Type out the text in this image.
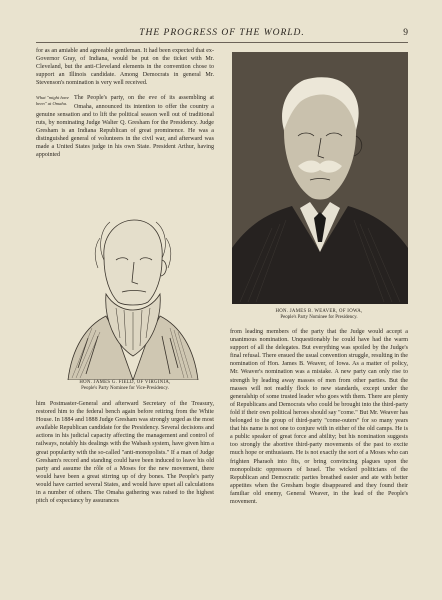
THE PROGRESS OF THE WORLD.	9

for as an amiable and agreeable gentleman. It had been expected that ex-Governor Gray, of Indiana, would be put on the ticket with Mr. Cleveland, but the anti-Cleveland elements in the convention chose to support an Illinois candidate. Among Democrats in general Mr. Stevenson's nomination is very well received.

What "might have been" at Omaha.
The People's party, on the eve of its assembling at Omaha, announced its intention to offer the country a genuine sensation and to lift the political season well out of traditional ruts, by nominating Judge Walter Q. Gresham for the Presidency. Judge Gresham is an Indiana Republican of great prominence. He was a distinguished general of volunteers in the civil war, and afterward was made a United States judge in his own State. President Arthur, having appointed

HON. JAMES G. FIELD, OF VIRGINIA,
People's Party Nominee for Vice-Presidency.

him Postmaster-General and afterward Secretary of the Treasury, restored him to the federal bench again before retiring from the White House. In 1884 and 1888 Judge Gresham was strongly urged as the most available Republican candidate for the Presidency. Several decisions and actions in his judicial capacity affecting the management and control of railways, notably his dealings with the Wabash system, have given him a great popularity with the so-called "anti-monopolists." If a man of Judge Gresham's record and standing could have been induced to leave his old party and assume the rôle of a Moses for the new movement, there would have been a great stirring up of dry bones. The People's party would have carried several States, and would have upset all calculations in a number of others. The Omaha gathering was raised to the highest pitch of expectancy by assurances

HON. JAMES B. WEAVER, OF IOWA,
People's Party Nominee for Presidency.

from leading members of the party that the Judge would accept a unanimous nomination. Unquestionably he could have had the warm support of all the delegates. But everything was spoiled by the Judge's final refusal. There ensued the usual convention struggle, resulting in the nomination of Hon. James B. Weaver, of Iowa. As a matter of policy, Mr. Weaver's nomination was a mistake. A new party can only rise to strength by leading away masses of men from other parties. But the masses will not readily flock to new standards, except under the generalship of some trusted leader who goes with them. There are plenty of Republicans and Democrats who could be brought into the third-party fold if their own political heroes should say "come." But Mr. Weaver has belonged to the group of third-party "come-outers" for so many years that his name is not one to conjure with in either of the old camps. He is a public speaker of great force and ability; but his nomination suggests too strongly the abortive third-party movements of the past to excite much hope or enthusiasm. He is not exactly the sort of a Moses who can frighten Pharaoh into fits, or bring convincing plagues upon the monopolistic oppressors of Israel. The wicked politicians of the Republican and Democratic parties breathed easier and ate with better appetites when the Gresham bogie disappeared and they found their familiar old enemy, General Weaver, in the lead of the People's movement.
